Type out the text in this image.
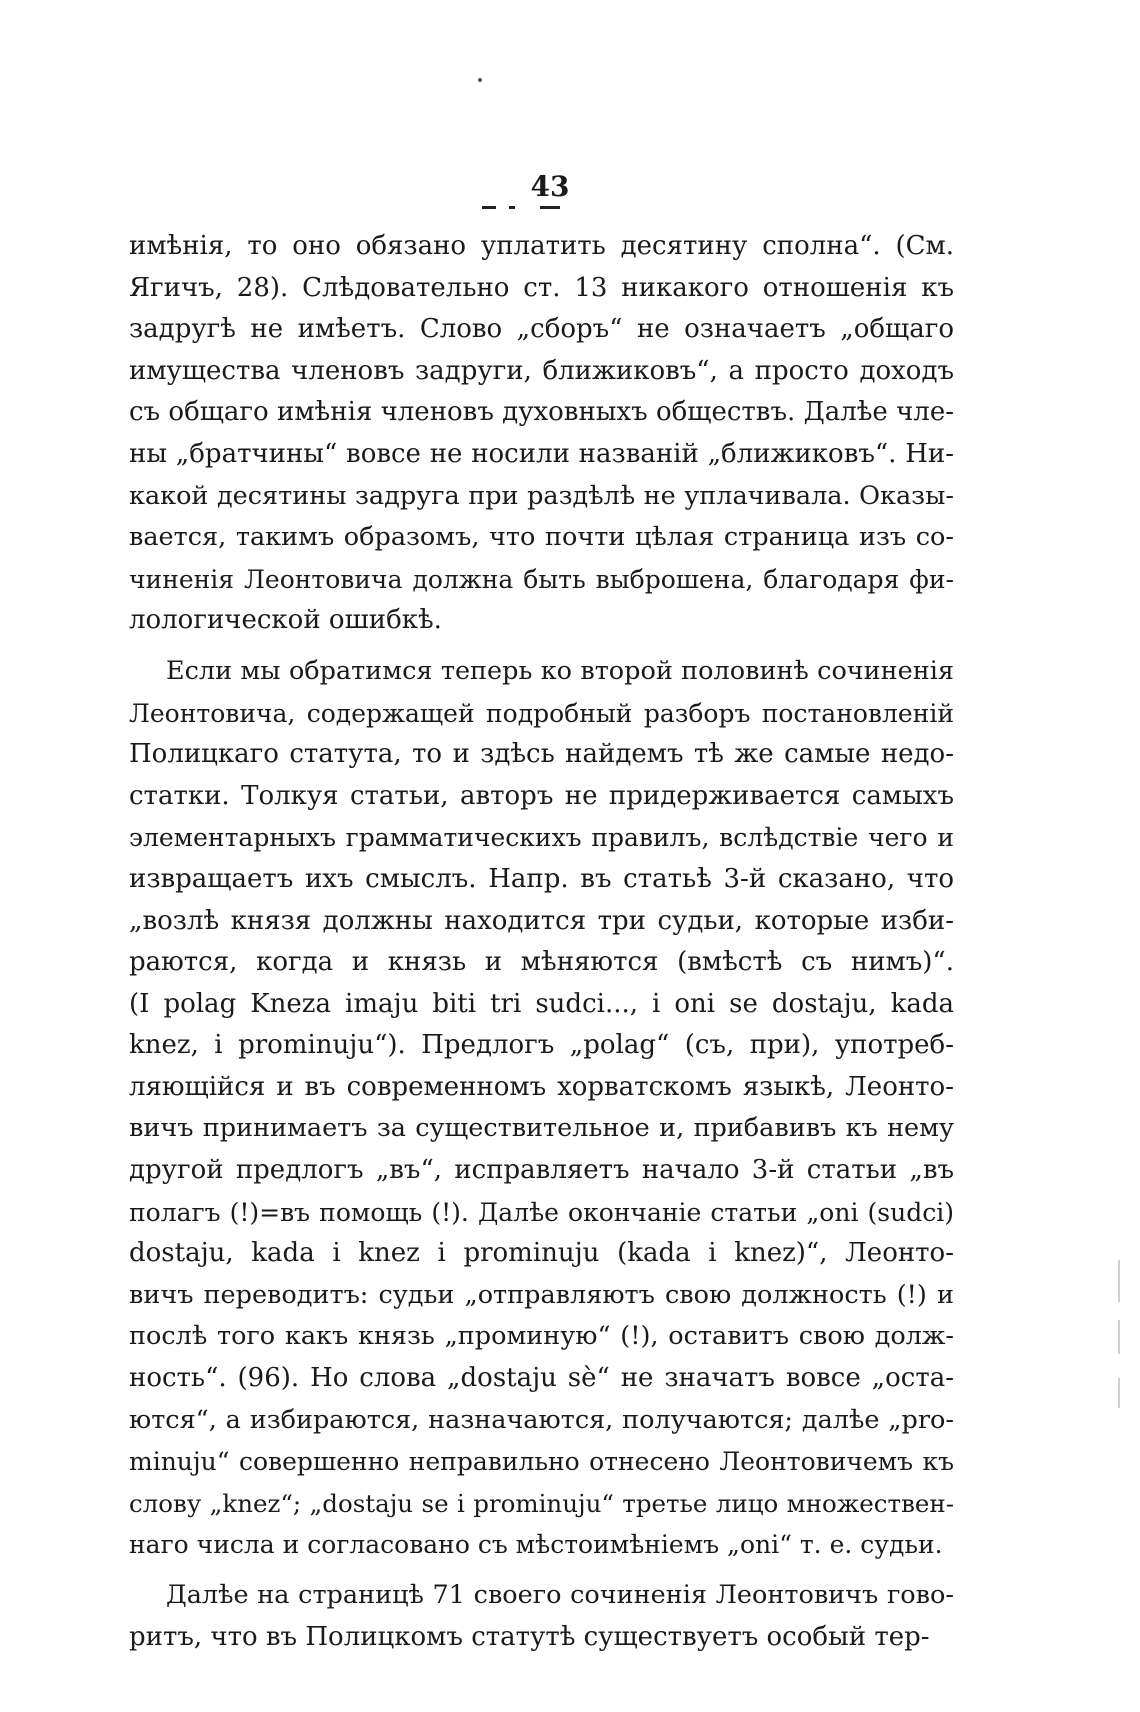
43
имѣнія, то оно обязано уплатить десятину сполна“. (См.
Ягичъ, 28). Слѣдовательно ст. 13 никакого отношенія къ
задругѣ не имѣетъ. Слово „сборъ“ не означаетъ „общаго
имущества членовъ задруги, ближиковъ“, а просто доходъ
съ общаго имѣнія членовъ духовныхъ обществъ. Далѣе чле-
ны „братчины“ вовсе не носили названій „ближиковъ“. Ни-
какой десятины задруга при раздѣлѣ не уплачивала. Оказы-
вается, такимъ образомъ, что почти цѣлая страница изъ со-
чиненія Леонтовича должна быть выброшена, благодаря фи-
лологической ошибкѣ.
Если мы обратимся теперь ко второй половинѣ сочиненія
Леонтовича, содержащей подробный разборъ постановленій
Полицкаго статута, то и здѣсь найдемъ тѣ же самые недо-
статки. Толкуя статьи, авторъ не придерживается самыхъ
элементарныхъ грамматическихъ правилъ, вслѣдствіе чего и
извращаетъ ихъ смыслъ. Напр. въ статьѣ 3-й сказано, что
„возлѣ князя должны находится три судьи, которые изби-
раются, когда и князь и мѣняются (вмѣстѣ съ нимъ)“.
(I polag Kneza imaju biti tri sudci..., i oni se dostaju, kada
knez, i prominuju“). Предлогъ „polag“ (съ, при), употреб-
ляющійся и въ современномъ хорватскомъ языкѣ, Леонто-
вичъ принимаетъ за существительное и, прибавивъ къ нему
другой предлогъ „въ“, исправляетъ начало 3-й статьи „въ
полагъ (!)=въ помощь (!). Далѣе окончаніе статьи „oni (sudci)
dostaju, kada i knez i prominuju (kada i knez)“, Леонто-
вичъ переводитъ: судьи „отправляютъ свою должность (!) и
послѣ того какъ князь „проминую“ (!), оставитъ свою долж-
ность“. (96). Но слова „dostaju sè“ не значатъ вовсе „оста-
ются“, а избираются, назначаются, получаются; далѣе „pro-
minuju“ совершенно неправильно отнесено Леонтовичемъ къ
слову „knez“; „dostaju se i prominuju“ третье лицо множествен-
наго числа и согласовано съ мѣстоимѣніемъ „oni“ т. е. судьи.
Далѣе на страницѣ 71 своего сочиненія Леонтовичъ гово-
ритъ, что въ Полицкомъ статутѣ существуетъ особый тер-
